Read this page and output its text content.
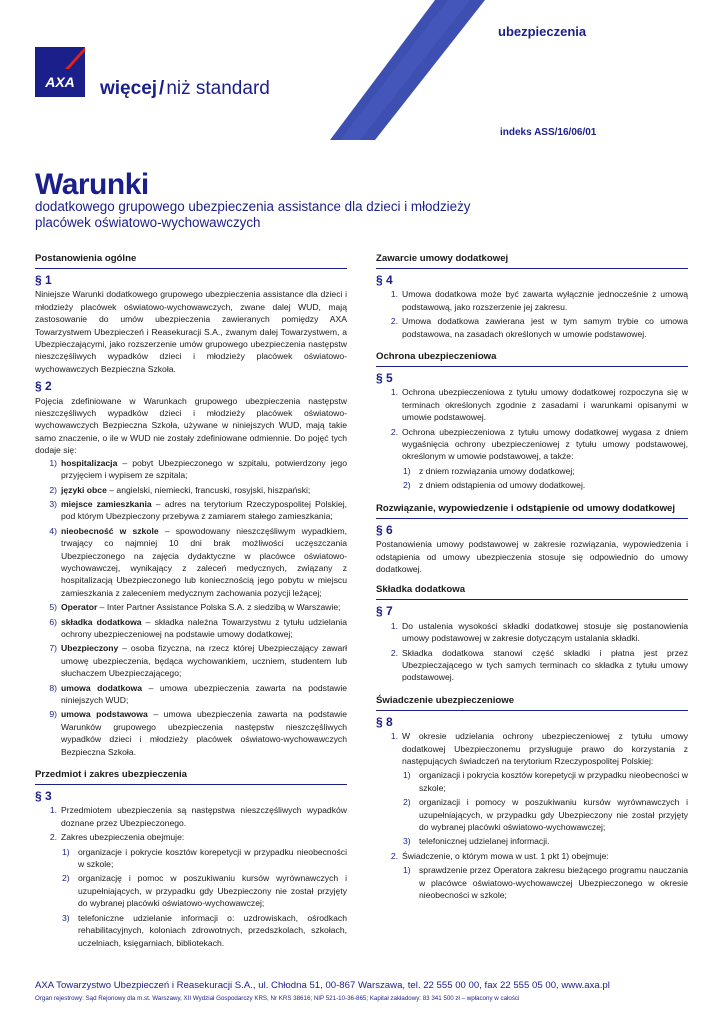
AXA więcej / niż standard
ubezpieczenia
indeks ASS/16/06/01
Warunki
dodatkowego grupowego ubezpieczenia assistance dla dzieci i młodzieży placówek oświatowo-wychowawczych
Postanowienia ogólne
§ 1

Niniejsze Warunki dodatkowego grupowego ubezpieczenia assistance dla dzieci i młodzieży placówek oświatowo-wychowawczych, zwane dalej WUD, mają zastosowanie do umów ubezpieczenia zawieranych pomiędzy AXA Towarzystwem Ubezpieczeń i Reasekuracji S.A., zwanym dalej Towarzystwem, a Ubezpieczającymi, jako rozszerzenie umów grupowego ubezpieczenia następstw nieszczęśliwych wypadków dzieci i młodzieży placówek oświatowo-wychowawczych Bezpieczna Szkoła.

§ 2

Pojęcia zdefiniowane w Warunkach grupowego ubezpieczenia następstw nieszczęśliwych wypadków dzieci i młodzieży placówek oświatowo-wychowawczych Bezpieczna Szkoła, używane w niniejszych WUD, mają takie samo znaczenie, o ile w WUD nie zostały zdefiniowane odmiennie. Do pojęć tych dodaje się:

1) hospitalizacja – pobyt Ubezpieczonego w szpitalu, potwierdzony jego przyjęciem i wypisem ze szpitala;
2) języki obce – angielski, niemiecki, francuski, rosyjski, hiszpański;
3) miejsce zamieszkania – adres na terytorium Rzeczypospolitej Polskiej, pod którym Ubezpieczony przebywa z zamiarem stałego zamieszkania;
4) nieobecność w szkole – spowodowany nieszczęśliwym wypadkiem, trwający co najmniej 10 dni brak możliwości uczęszczania Ubezpieczonego na zajęcia dydaktyczne w placówce oświatowo-wychowawczej, wynikający z zaleceń medycznych, związany z hospitalizacją Ubezpieczonego lub koniecznością jego pobytu w miejscu zamieszkania z zaleceniem medycznym zachowania pozycji leżącej;
5) Operator – Inter Partner Assistance Polska S.A. z siedzibą w Warszawie;
6) składka dodatkowa – składka należna Towarzystwu z tytułu udzielania ochrony ubezpieczeniowej na podstawie umowy dodatkowej;
7) Ubezpieczony – osoba fizyczna, na rzecz której Ubezpieczający zawarł umowę ubezpieczenia, będąca wychowankiem, uczniem, studentem lub słuchaczem Ubezpieczającego;
8) umowa dodatkowa – umowa ubezpieczenia zawarta na podstawie niniejszych WUD;
9) umowa podstawowa – umowa ubezpieczenia zawarta na podstawie Warunków grupowego ubezpieczenia następstw nieszczęśliwych wypadków dzieci i młodzieży placówek oświatowo-wychowawczych Bezpieczna Szkoła.
Przedmiot i zakres ubezpieczenia
§ 3
1. Przedmiotem ubezpieczenia są następstwa nieszczęśliwych wypadków doznane przez Ubezpieczonego.
2. Zakres ubezpieczenia obejmuje:
1) organizacje i pokrycie kosztów korepetycji w przypadku nieobecności w szkole;
2) organizację i pomoc w poszukiwaniu kursów wyrównawczych i uzupełniających, w przypadku gdy Ubezpieczony nie został przyjęty do wybranej placówki oświatowo-wychowawczej;
3) telefoniczne udzielanie informacji o: uzdrowiskach, ośrodkach rehabilitacyjnych, koloniach zdrowotnych, przedszkolach, szkołach, uczelniach, księgarniach, bibliotekach.
Zawarcie umowy dodatkowej
§ 4
1. Umowa dodatkowa może być zawarta wyłącznie jednocześnie z umową podstawową, jako rozszerzenie jej zakresu.
2. Umowa dodatkowa zawierana jest w tym samym trybie co umowa podstawowa, na zasadach określonych w umowie podstawowej.
Ochrona ubezpieczeniowa
§ 5
1. Ochrona ubezpieczeniowa z tytułu umowy dodatkowej rozpoczyna się w terminach określonych zgodnie z zasadami i warunkami opisanymi w umowie podstawowej.
2. Ochrona ubezpieczeniowa z tytułu umowy dodatkowej wygasa z dniem wygaśnięcia ochrony ubezpieczeniowej z tytułu umowy podstawowej, określonym w umowie podstawowej, a także:
1) z dniem rozwiązania umowy dodatkowej;
2) z dniem odstąpienia od umowy dodatkowej.
Rozwiązanie, wypowiedzenie i odstąpienie od umowy dodatkowej
§ 6

Postanowienia umowy podstawowej w zakresie rozwiązania, wypowiedzenia i odstąpienia od umowy ubezpieczenia stosuje się odpowiednio do umowy dodatkowej.

Składka dodatkowa
§ 7
1. Do ustalenia wysokości składki dodatkowej stosuje się postanowienia umowy podstawowej w zakresie dotyczącym ustalania składki.
2. Składka dodatkowa stanowi część składki i płatna jest przez Ubezpieczającego w tych samych terminach co składka z tytułu umowy podstawowej.
Świadczenie ubezpieczeniowe
§ 8
1. W okresie udzielania ochrony ubezpieczeniowej z tytułu umowy dodatkowej Ubezpieczonemu przysługuje prawo do korzystania z następujących świadczeń na terytorium Rzeczypospolitej Polskiej:
1) organizacji i pokrycia kosztów korepetycji w przypadku nieobecności w szkole;
2) organizacji i pomocy w poszukiwaniu kursów wyrównawczych i uzupełniających, w przypadku gdy Ubezpieczony nie został przyjęty do wybranej placówki oświatowo-wychowawczej;
3) telefonicznej udzielanej informacji.
2. Świadczenie, o którym mowa w ust. 1 pkt 1) obejmuje:
1) sprawdzenie przez Operatora zakresu bieżącego programu nauczania w placówce oświatowo-wychowawczej Ubezpieczonego w okresie nieobecności w szkole;
AXA Towarzystwo Ubezpieczeń i Reasekuracji S.A., ul. Chłodna 51, 00-867 Warszawa, tel. 22 555 00 00, fax 22 555 05 00, www.axa.pl
Organ rejestrowy: Sąd Rejonowy dla m.st. Warszawy, XII Wydział Gospodarczy KRS, Nr KRS 38616; NIP 521-10-36-865; Kapitał zakładowy: 83 341 500 zł – wpłacony w całości
